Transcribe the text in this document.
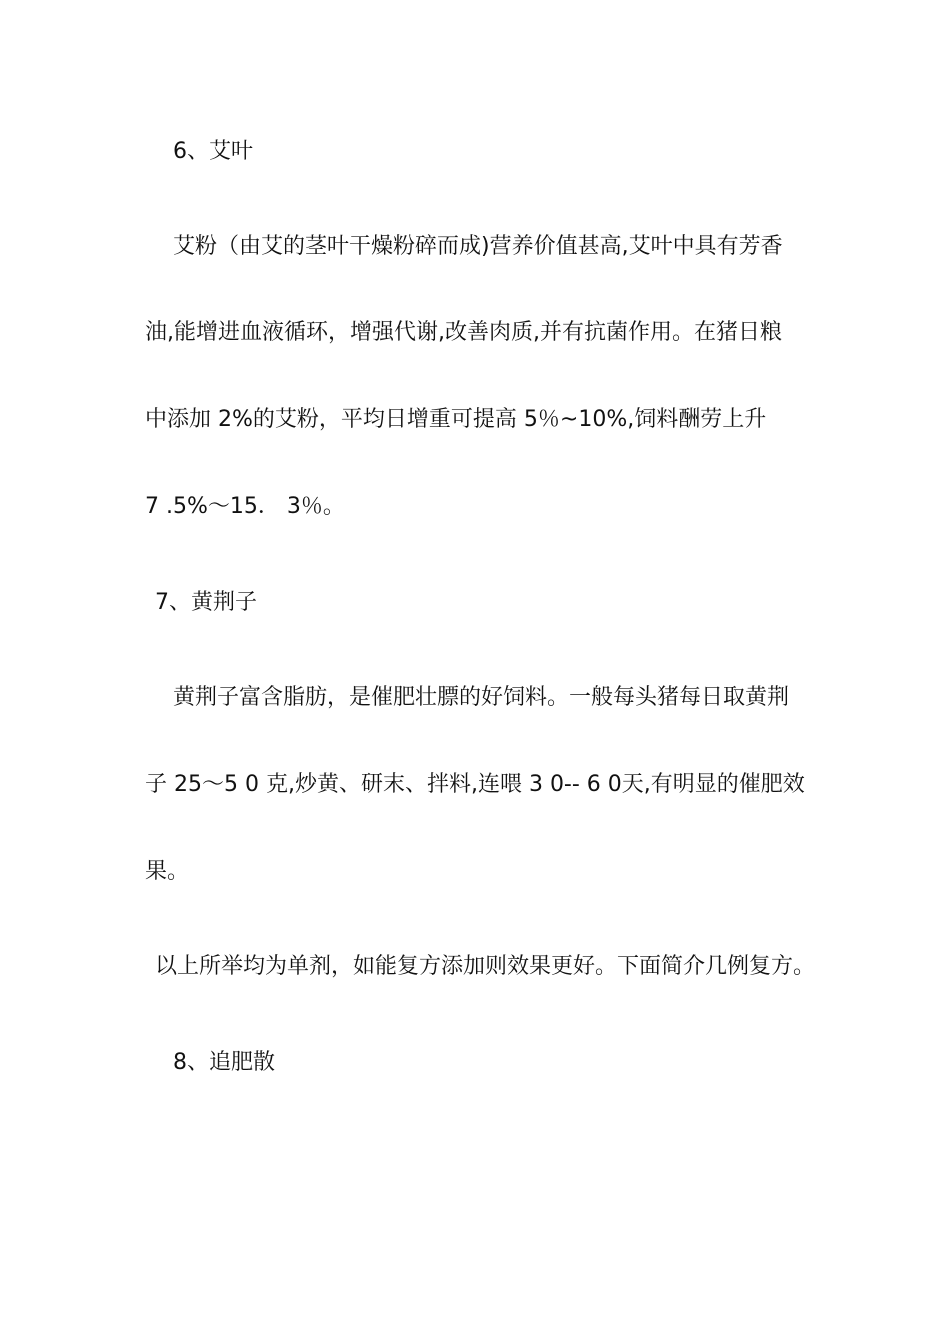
6、艾叶
艾粉（由艾的茎叶干燥粉碎而成)营养价值甚高,艾叶中具有芳香
油,能增进血液循环，增强代谢,改善肉质,并有抗菌作用。在猪日粮
中添加 2%的艾粉，平均日增重可提高 5％~10%,饲料酬劳上升
7 .5%～15． 3％。
7、黄荆子
黄荆子富含脂肪，是催肥壮膘的好饲料。一般每头猪每日取黄荆
子 25～5 0 克,炒黄、研末、拌料,连喂 3 0-- 6 0天,有明显的催肥效
果。
以上所举均为单剂，如能复方添加则效果更好。下面简介几例复方。
8、追肥散
